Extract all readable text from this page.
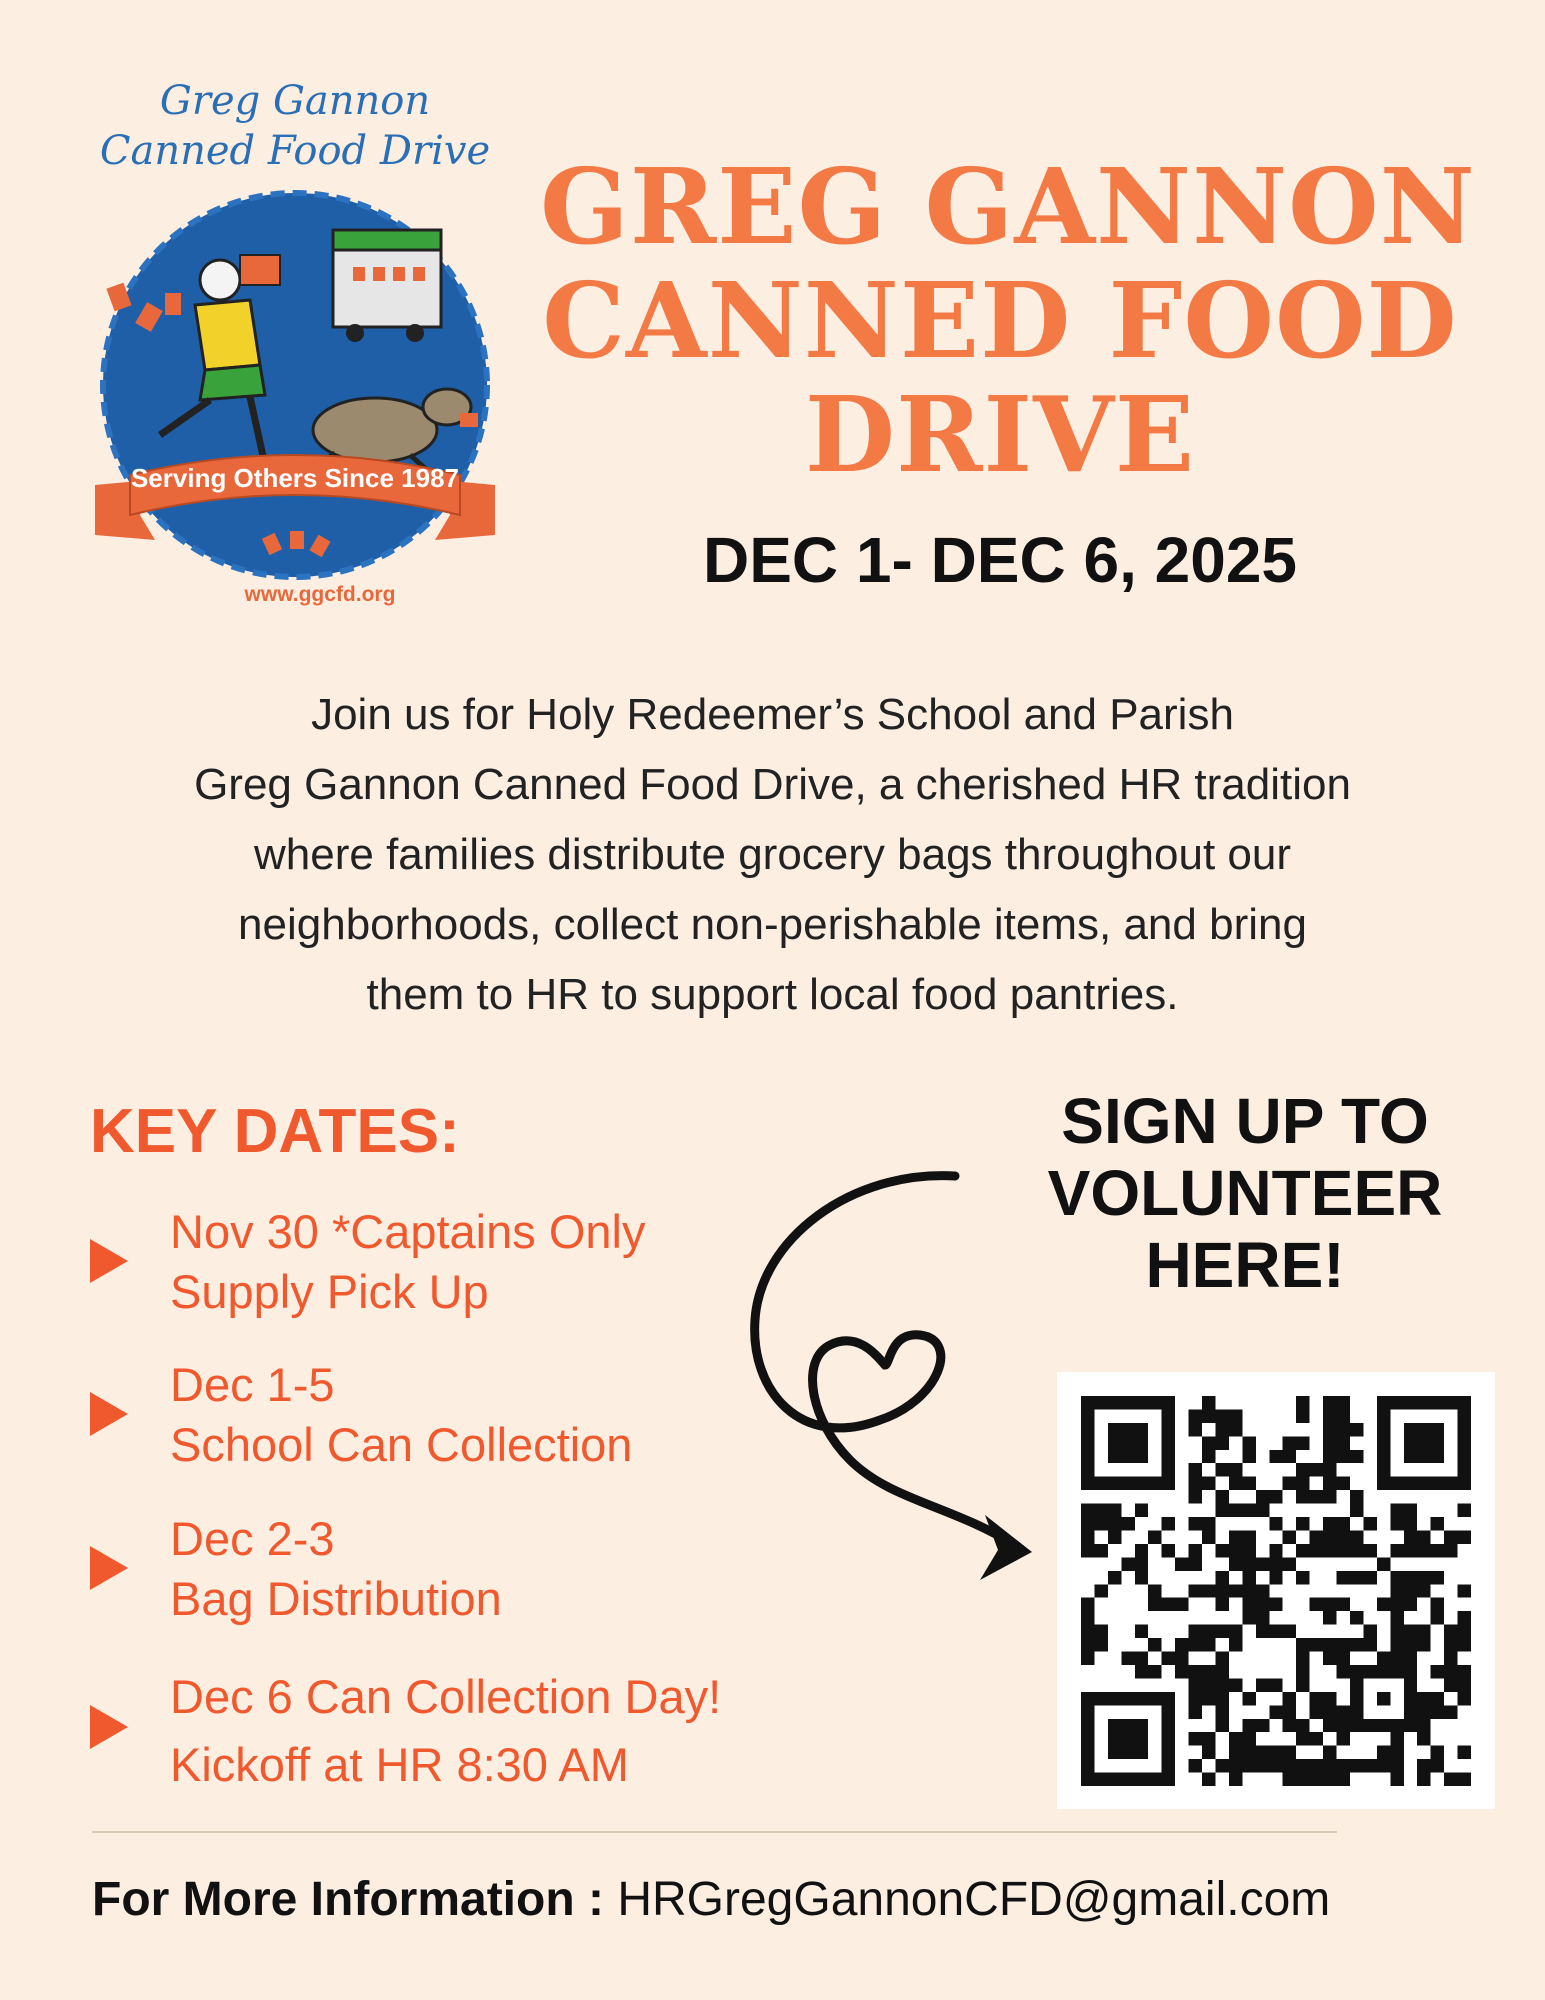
Greg Gannon
Canned Food Drive
Serving Others Since 1987
www.ggcfd.org
GREG GANNON
CANNED FOOD
DRIVE
DEC 1- DEC 6, 2025
Join us for Holy Redeemer’s School and Parish
Greg Gannon Canned Food Drive, a cherished HR tradition
where families distribute grocery bags throughout our
neighborhoods, collect non-perishable items, and bring
them to HR to support local food pantries.
KEY DATES:
Nov 30 *Captains Only
Supply Pick Up
Dec 1-5
School Can Collection
Dec 2-3
Bag Distribution
Dec 6 Can Collection Day!
Kickoff at HR 8:30 AM
SIGN UP TO
VOLUNTEER
HERE!
For More Information : HRGregGannonCFD@gmail.com
